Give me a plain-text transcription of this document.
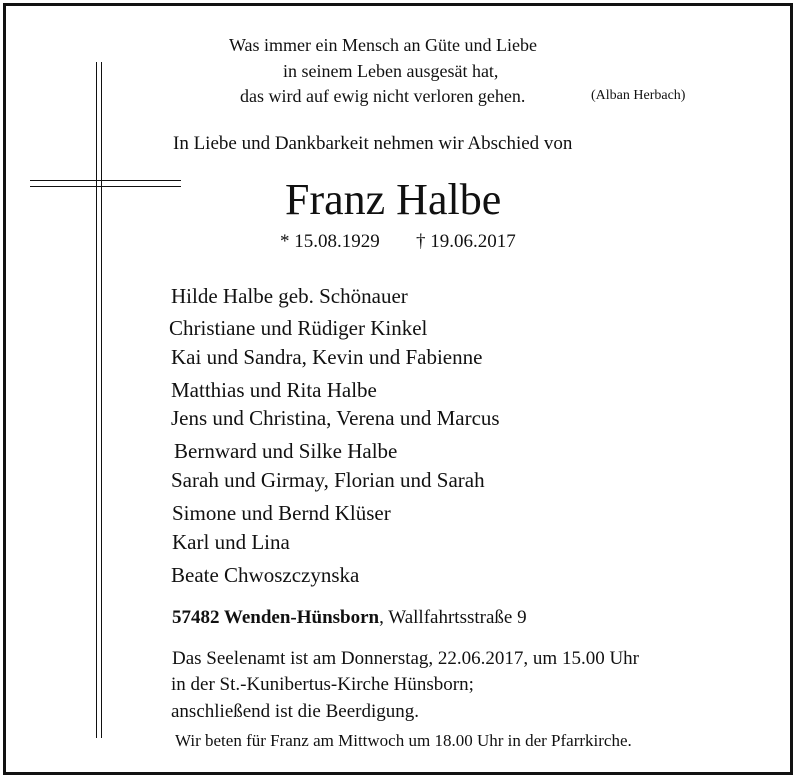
Was immer ein Mensch an Güte und Liebe
in seinem Leben ausgesät hat,
das wird auf ewig nicht verloren gehen.	(Alban Herbach)
In Liebe und Dankbarkeit nehmen wir Abschied von
Franz Halbe
* 15.08.1929 † 19.06.2017
Hilde Halbe geb. Schönauer
Christiane und Rüdiger Kinkel
Kai und Sandra, Kevin und Fabienne
Matthias und Rita Halbe
Jens und Christina, Verena und Marcus
Bernward und Silke Halbe
Sarah und Girmay, Florian und Sarah
Simone und Bernd Klüser
Karl und Lina
Beate Chwoszczynska
57482 Wenden-Hünsborn, Wallfahrtsstraße 9
Das Seelenamt ist am Donnerstag, 22.06.2017, um 15.00 Uhr
in der St.-Kunibertus-Kirche Hünsborn;
anschließend ist die Beerdigung.
Wir beten für Franz am Mittwoch um 18.00 Uhr in der Pfarrkirche.
